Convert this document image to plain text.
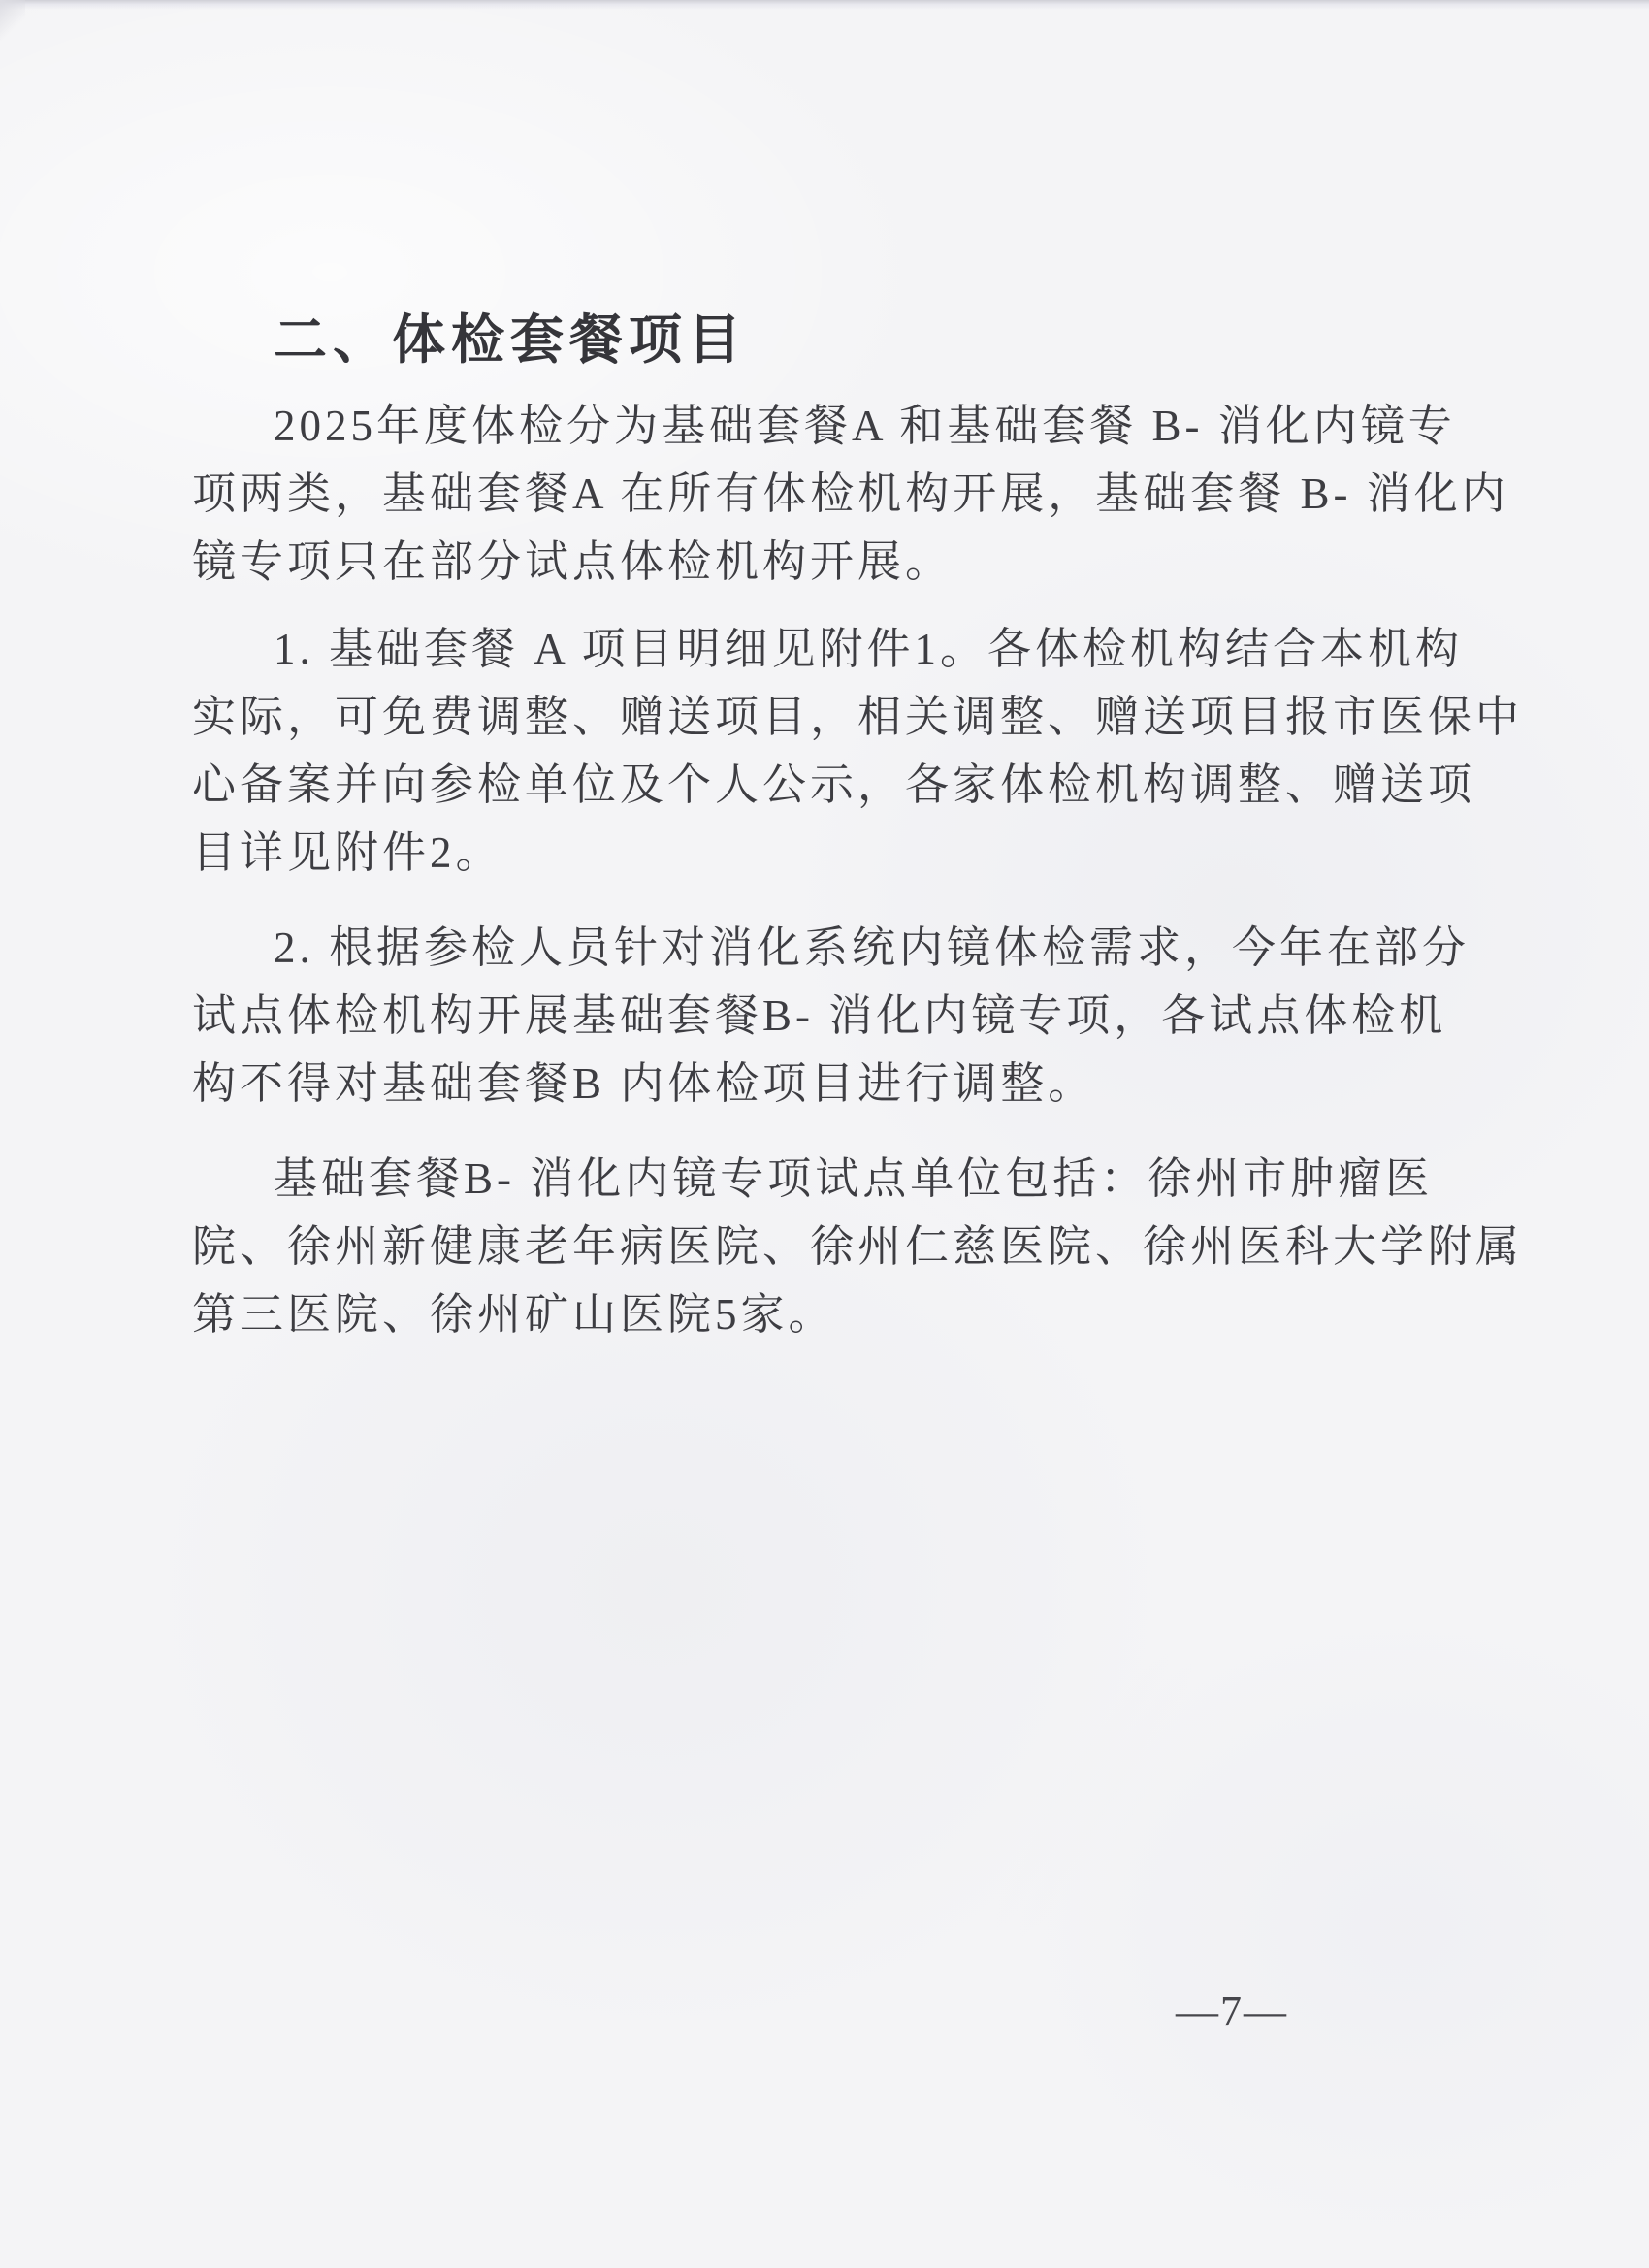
二、体检套餐项目
2025年度体检分为基础套餐A 和基础套餐 B- 消化内镜专
项两类，基础套餐A 在所有体检机构开展，基础套餐 B- 消化内
镜专项只在部分试点体检机构开展。
1. 基础套餐 A 项目明细见附件1。各体检机构结合本机构
实际，可免费调整、赠送项目，相关调整、赠送项目报市医保中
心备案并向参检单位及个人公示，各家体检机构调整、赠送项
目详见附件2。
2. 根据参检人员针对消化系统内镜体检需求，今年在部分
试点体检机构开展基础套餐B- 消化内镜专项，各试点体检机
构不得对基础套餐B 内体检项目进行调整。
基础套餐B- 消化内镜专项试点单位包括：徐州市肿瘤医
院、徐州新健康老年病医院、徐州仁慈医院、徐州医科大学附属
第三医院、徐州矿山医院5家。
—7—
